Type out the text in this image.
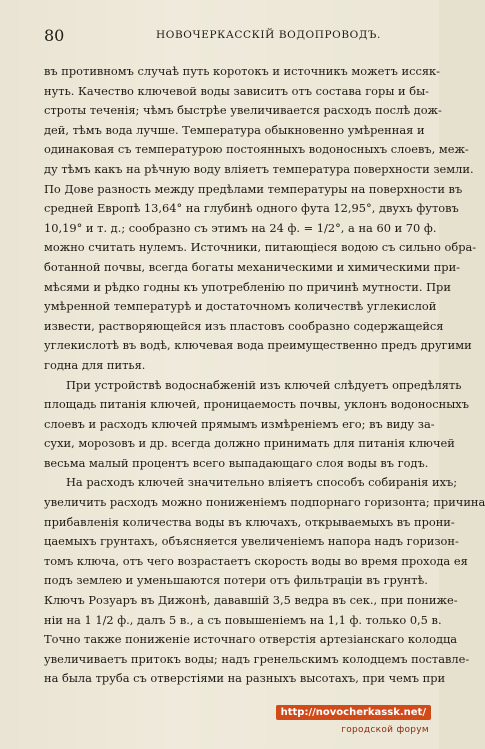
80	НОВОЧЕРКАССКІЙ ВОДОПРОВОДЪ.

въ противномъ случаѣ путь коротокъ и источникъ можетъ иссяк-
нуть. Качество ключевой воды зависитъ отъ состава горы и бы-
строты теченія; чѣмъ быстрѣе увеличивается расходъ послѣ дож-
дей, тѣмъ вода лучше. Температура обыкновенно умѣренная и
одинаковая съ температурою постоянныхъ водоносныхъ слоевъ, меж-
ду тѣмъ какъ на рѣчную воду вліяетъ температура поверхности земли.
По Дове разность между предѣлами температуры на поверхности въ
средней Европѣ 13,64° на глубинѣ одного фута 12,95°, двухъ футовъ
10,19° и т. д.; сообразно съ этимъ на 24 ф. = 1/2°, а на 60 и 70 ф.
можно считать нулемъ. Источники, питающіеся водою съ сильно обра-
ботанной почвы, всегда богаты механическими и химическими при-
мѣсями и рѣдко годны къ употребленію по причинѣ мутности. При
умѣренной температурѣ и достаточномъ количествѣ углекислой
извести, растворяющейся изъ пластовъ сообразно содержащейся
углекислотѣ въ водѣ, ключевая вода преимущественно предъ другими
годна для питья.

При устройствѣ водоснабженій изъ ключей слѣдуетъ опредѣлять
площадь питанія ключей, проницаемость почвы, уклонъ водоносныхъ
слоевъ и расходъ ключей прямымъ измѣреніемъ его; въ виду за-
сухи, морозовъ и др. всегда должно принимать для питанія ключей
весьма малый процентъ всего выпадающаго слоя воды въ годъ.

На расходъ ключей значительно вліяетъ способъ собиранія ихъ;
увеличить расходъ можно пониженіемъ подпорнаго горизонта; причина
прибавленія количества воды въ ключахъ, открываемыхъ въ прони-
цаемыхъ грунтахъ, объясняется увеличеніемъ напора надъ горизон-
томъ ключа, отъ чего возрастаетъ скорость воды во время прохода ея
подъ землею и уменьшаются потери отъ фильтраціи въ грунтѣ.
Ключъ Розуаръ въ Дижонѣ, дававшій 3,5 ведра въ сек., при пониже-
ніи на 1 1/2 ф., далъ 5 в., а съ повышеніемъ на 1,1 ф. только 0,5 в.
Точно также пониженіе источнаго отверстія артезіанскаго колодца
увеличиваетъ притокъ воды; надъ гренельскимъ колодцемъ поставле-
на была труба съ отверстіями на разныхъ высотахъ, при чемъ при

http://novocherkassk.net/
городской форум
